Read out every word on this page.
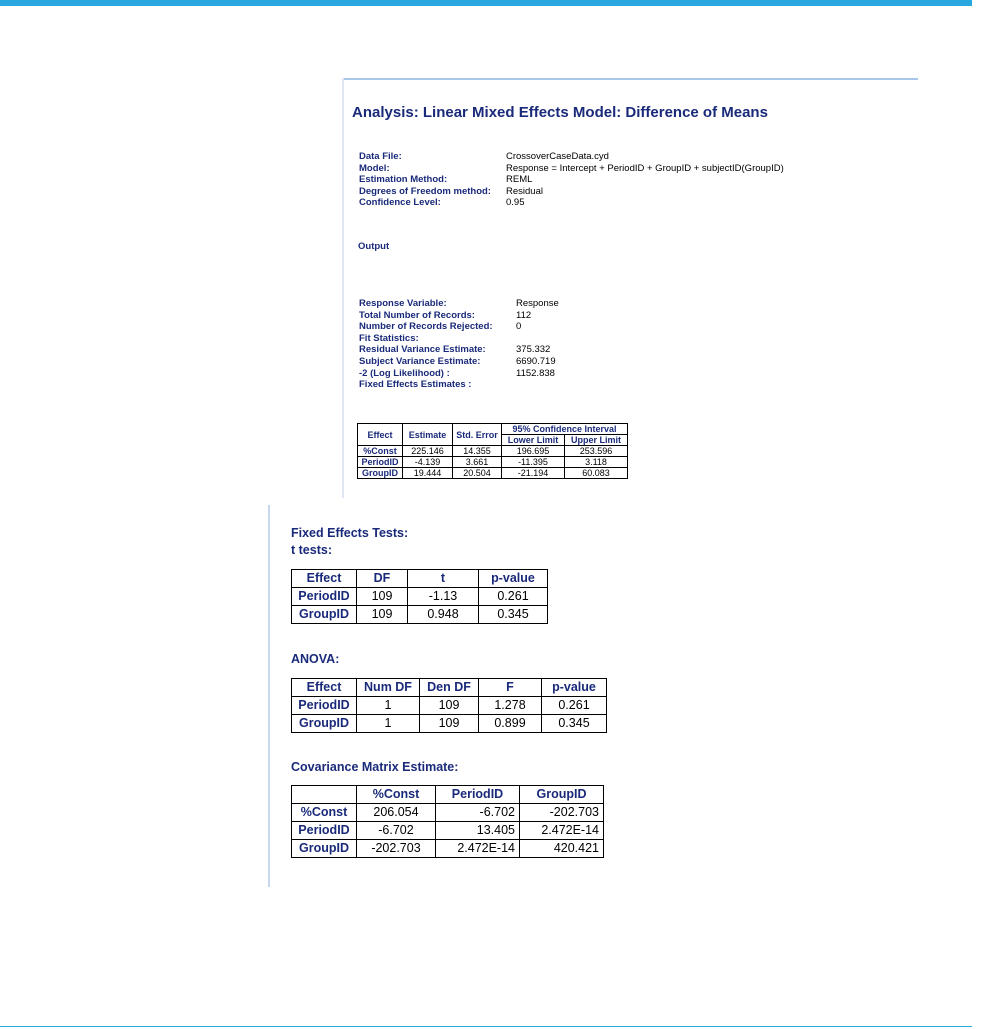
Analysis: Linear Mixed Effects Model: Difference of Means
Data File:	CrossoverCaseData.cyd
Model:	Response = Intercept + PeriodID + GroupID + subjectID(GroupID)
Estimation Method:	REML
Degrees of Freedom method:	Residual
Confidence Level:	0.95
Output
Response Variable:	Response
Total Number of Records:	112
Number of Records Rejected:	0
Fit Statistics:
Residual Variance Estimate:	375.332
Subject Variance Estimate:	6690.719
-2 (Log Likelihood) :	1152.838
Fixed Effects Estimates :
Effect	Estimate	Std. Error	95% Confidence Interval	
			Lower Limit	Upper Limit
%Const	225.146	14.355	196.695	253.596
PeriodID	-4.139	3.661	-11.395	3.118
GroupID	19.444	20.504	-21.194	60.083
Fixed Effects Tests:
t tests:
Effect	DF	t	p-value
PeriodID	109	-1.13	0.261
GroupID	109	0.948	0.345
ANOVA:
Effect	Num DF	Den DF	F	p-value
PeriodID	1	109	1.278	0.261
GroupID	1	109	0.899	0.345
Covariance Matrix Estimate:
	%Const	PeriodID	GroupID
%Const	206.054	-6.702	-202.703
PeriodID	-6.702	13.405	2.472E-14
GroupID	-202.703	2.472E-14	420.421
